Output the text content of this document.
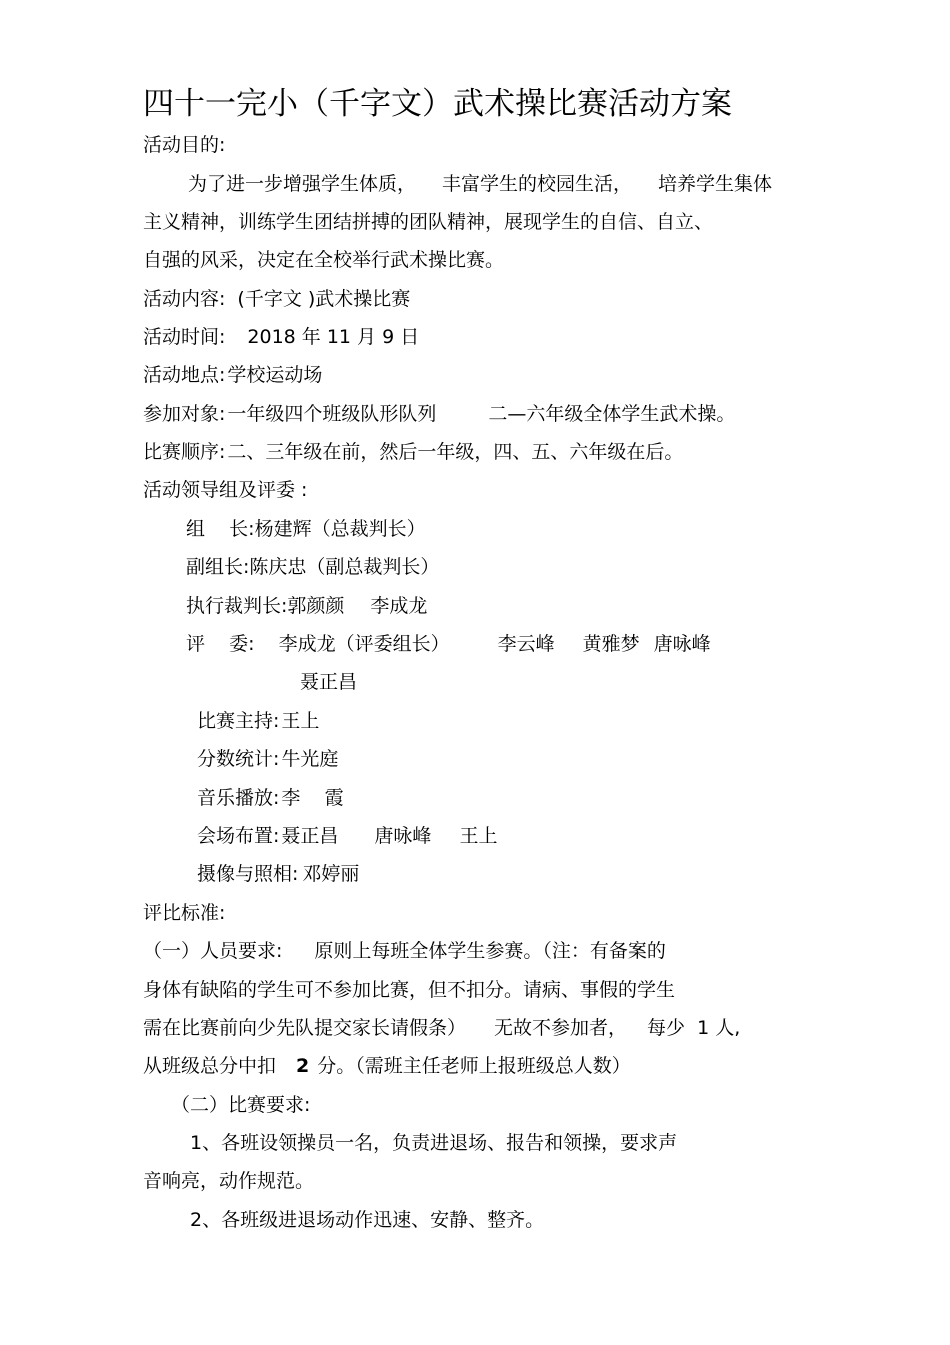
四十一完小（千字文）武术操比赛活动方案
活动目的:
为了进一步增强学生体质， 丰富学生的校园生活， 培养学生集体
主义精神，训练学生团结拼搏的团队精神，展现学生的自信、自立、
自强的风采，决定在全校举行武术操比赛。
活动内容: (千字文 )武术操比赛
活动时间: 2018 年 11 月 9 日
活动地点: 学校运动场
参加对象: 一年级四个班级队形队列	二—六年级全体学生武术操。
比赛顺序: 二、三年级在前，然后一年级，四、五、六年级在后。
活动领导组及评委 :
组    长:杨建辉（总裁判长）
副组长:陈庆忠（副总裁判长）
执行裁判长:郭颜颜 李成龙
评    委: 李成龙（评委组长）	李云峰 黄雅梦 唐咏峰
聂正昌
比赛主持: 王上
分数统计: 牛光庭
音乐播放: 李    霞
会场布置: 聂正昌 唐咏峰 王上
摄像与照相: 邓婷丽
评比标准:
（一）人员要求: 原则上每班全体学生参赛。（注：有备案的
身体有缺陷的学生可不参加比赛，但不扣分。请病、事假的学生
需在比赛前向少先队提交家长请假条） 无故不参加者， 每少  1 人,
从班级总分中扣 2 分。（需班主任老师上报班级总人数）
（二）比赛要求:
1、各班设领操员一名，负责进退场、报告和领操，要求声
音响亮，动作规范。
2、各班级进退场动作迅速、安静、整齐。
